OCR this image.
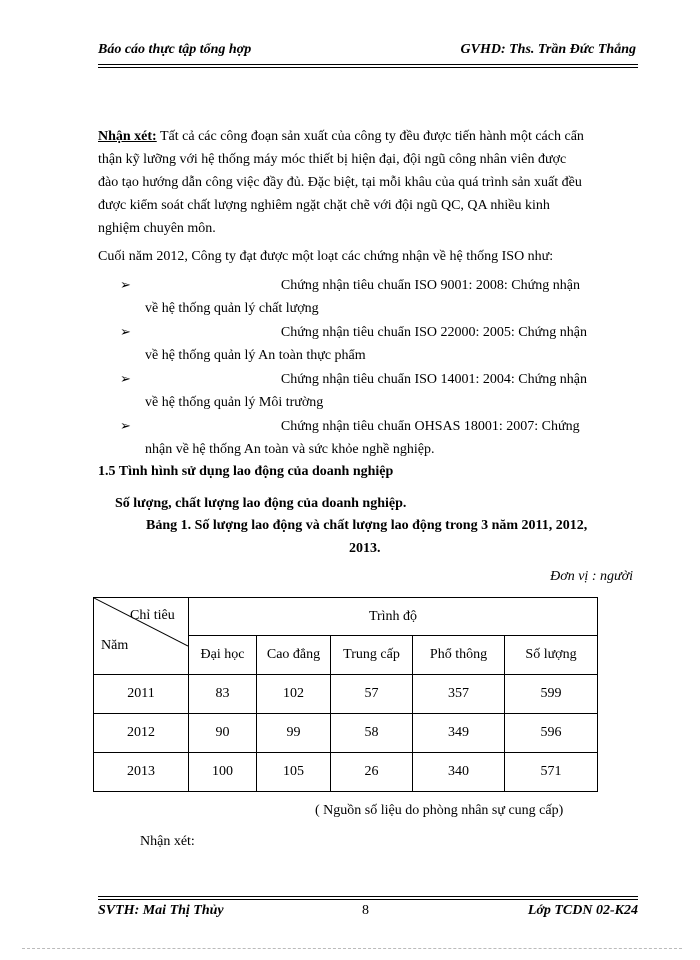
Báo cáo thực tập tổng hợp	GVHD: Ths. Trần Đức Thắng
Nhận xét: Tất cả các công đoạn sản xuất của công ty đều được tiến hành một cách cẩn
thận kỹ lưỡng với hệ thống máy móc thiết bị hiện đại, đội ngũ công nhân viên được
đào tạo hướng dẫn công việc đầy đủ. Đặc biệt, tại mỗi khâu của quá trình sản xuất đều
được kiểm soát chất lượng nghiêm ngặt chặt chẽ với đội ngũ QC, QA nhiều kinh
nghiệm chuyên môn.
Cuối năm 2012, Công ty đạt được một loạt các chứng nhận về hệ thống ISO như:
➢	Chứng nhận tiêu chuẩn ISO 9001: 2008: Chứng nhận
về hệ thống quản lý chất lượng
➢	Chứng nhận tiêu chuẩn ISO 22000: 2005: Chứng nhận
về hệ thống quản lý An toàn thực phẩm
➢	Chứng nhận tiêu chuẩn ISO 14001: 2004: Chứng nhận
về hệ thống quản lý Môi trường
➢	Chứng nhận tiêu chuẩn OHSAS 18001: 2007: Chứng
nhận về hệ thống An toàn và sức khỏe nghề nghiệp.
1.5 Tình hình sử dụng lao động của doanh nghiệp
Số lượng, chất lượng lao động của doanh nghiệp.
Bảng 1. Số lượng lao động và chất lượng lao động trong 3 năm 2011, 2012,
2013.
Đơn vị : người
Chỉ tiêu
Năm	Trình độ				
	Đại học	Cao đẳng	Trung cấp	Phổ thông	Số lượng
2011	83	102	57	357	599
2012	90	99	58	349	596
2013	100	105	26	340	571
( Nguồn số liệu do phòng nhân sự cung cấp)
Nhận xét:
SVTH: Mai Thị Thủy	8	Lớp TCDN 02-K24
